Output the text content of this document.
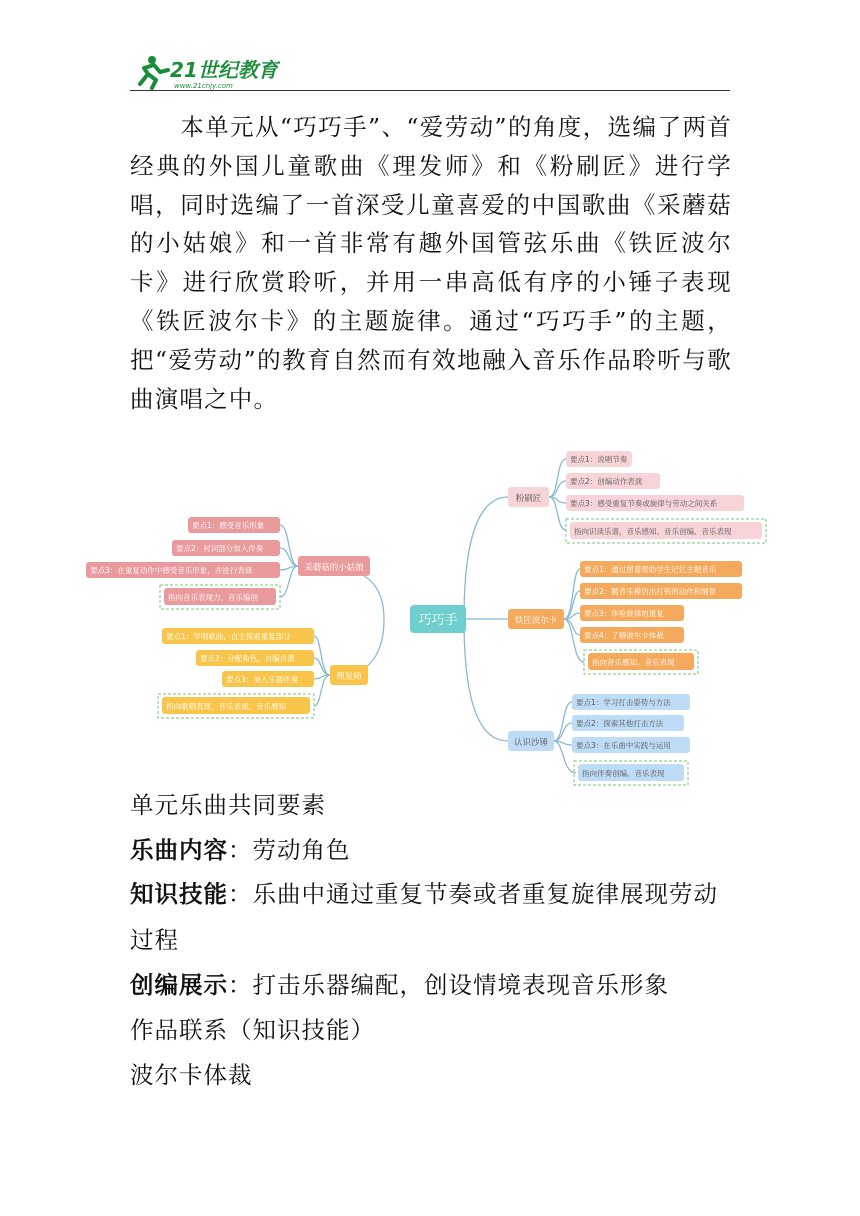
21世纪教育
www.21cnjy.com

本单元从“巧巧手”、“爱劳动”的角度，选编了两首经典的外国儿童歌曲《理发师》和《粉刷匠》进行学唱，同时选编了一首深受儿童喜爱的中国歌曲《采蘑菇的小姑娘》和一首非常有趣外国管弦乐曲《铁匠波尔卡》进行欣赏聆听，并用一串高低有序的小锤子表现《铁匠波尔卡》的主题旋律。通过“巧巧手”的主题，把“爱劳动”的教育自然而有效地融入音乐作品聆听与歌曲演唱之中。

巧巧手
粉刷匠
要点1：说唱节奏
要点2：创编动作表演
要点3：感受重复节奏或旋律与劳动之间关系
指向识读乐谱，音乐感知、音乐创编、音乐表现
铁匠波尔卡
要点1：通过图谱帮助学生记忆主题音乐
要点2：随音乐模仿出打铁的动作和情景
要点3：体验旋律的重复
要点4：了解波尔卡体裁
指向音乐感知、音乐表现
认识沙锤
要点1：学习打击姿势与方法
要点2：探索其他打击方法
要点3：在乐曲中实践与运用
指向伴奏创编、音乐表现
采蘑菇的小姑娘
要点1：感受音乐形象
要点2：衬词部分加入伴奏
要点3：在重复动作中感受音乐形象，并进行表演
指向音乐表现力、音乐编创
理发师
要点1：学唱歌曲，自主探索重复部分
要点2：分配角色，自编自演
要点3：加入乐器伴奏
指向歌唱表现、音乐表演、音乐感知

单元乐曲共同要素

乐曲内容：劳动角色

知识技能：乐曲中通过重复节奏或者重复旋律展现劳动

过程

创编展示：打击乐器编配，创设情境表现音乐形象

作品联系（知识技能）

波尔卡体裁
